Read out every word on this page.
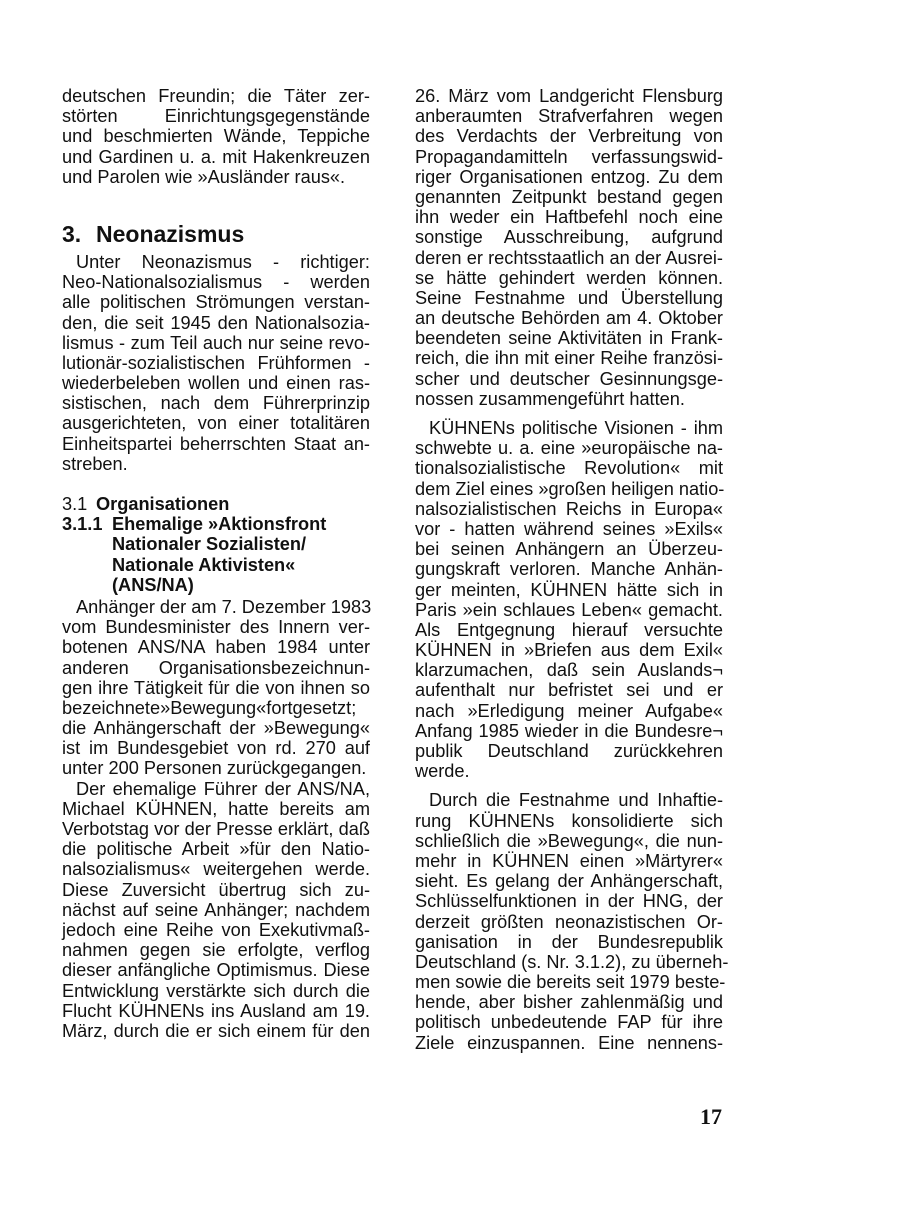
deutschen Freundin; die Täter zer-
störten Einrichtungsgegenstände
und beschmierten Wände, Teppiche
und Gardinen u. a. mit Hakenkreuzen
und Parolen wie »Ausländer raus«.
3. Neonazismus
Unter Neonazismus - richtiger:
Neo-Nationalsozialismus - werden
alle politischen Strömungen verstan-
den, die seit 1945 den Nationalsozia-
lismus - zum Teil auch nur seine revo-
lutionär-sozialistischen Frühformen -
wiederbeleben wollen und einen ras-
sistischen, nach dem Führerprinzip
ausgerichteten, von einer totalitären
Einheitspartei beherrschten Staat an-
streben.
3.1 Organisationen
3.1.1 Ehemalige »Aktionsfront
Nationaler Sozialisten/
Nationale Aktivisten«
(ANS/NA)
Anhänger der am 7. Dezember 1983
vom Bundesminister des Innern ver-
botenen ANS/NA haben 1984 unter
anderen Organisationsbezeichnun-
gen ihre Tätigkeit für die von ihnen so
bezeichnete»Bewegung«fortgesetzt;
die Anhängerschaft der »Bewegung«
ist im Bundesgebiet von rd. 270 auf
unter 200 Personen zurückgegangen.
Der ehemalige Führer der ANS/NA,
Michael KÜHNEN, hatte bereits am
Verbotstag vor der Presse erklärt, daß
die politische Arbeit »für den Natio-
nalsozialismus« weitergehen werde.
Diese Zuversicht übertrug sich zu-
nächst auf seine Anhänger; nachdem
jedoch eine Reihe von Exekutivmaß-
nahmen gegen sie erfolgte, verflog
dieser anfängliche Optimismus. Diese
Entwicklung verstärkte sich durch die
Flucht KÜHNENs ins Ausland am 19.
März, durch die er sich einem für den
26. März vom Landgericht Flensburg
anberaumten Strafverfahren wegen
des Verdachts der Verbreitung von
Propagandamitteln verfassungswid-
riger Organisationen entzog. Zu dem
genannten Zeitpunkt bestand gegen
ihn weder ein Haftbefehl noch eine
sonstige Ausschreibung, aufgrund
deren er rechtsstaatlich an der Ausrei-
se hätte gehindert werden können.
Seine Festnahme und Überstellung
an deutsche Behörden am 4. Oktober
beendeten seine Aktivitäten in Frank-
reich, die ihn mit einer Reihe französi-
scher und deutscher Gesinnungsge-
nossen zusammengeführt hatten.
KÜHNENs politische Visionen - ihm
schwebte u. a. eine »europäische na-
tionalsozialistische Revolution« mit
dem Ziel eines »großen heiligen natio-
nalsozialistischen Reichs in Europa«
vor - hatten während seines »Exils«
bei seinen Anhängern an Überzeu-
gungskraft verloren. Manche Anhän-
ger meinten, KÜHNEN hätte sich in
Paris »ein schlaues Leben« gemacht.
Als Entgegnung hierauf versuchte
KÜHNEN in »Briefen aus dem Exil«
klarzumachen, daß sein Auslands¬
aufenthalt nur befristet sei und er
nach »Erledigung meiner Aufgabe«
Anfang 1985 wieder in die Bundesre¬
publik Deutschland zurückkehren
werde.
Durch die Festnahme und Inhaftie-
rung KÜHNENs konsolidierte sich
schließlich die »Bewegung«, die nun-
mehr in KÜHNEN einen »Märtyrer«
sieht. Es gelang der Anhängerschaft,
Schlüsselfunktionen in der HNG, der
derzeit größten neonazistischen Or-
ganisation in der Bundesrepublik
Deutschland (s. Nr. 3.1.2), zu überneh-
men sowie die bereits seit 1979 beste-
hende, aber bisher zahlenmäßig und
politisch unbedeutende FAP für ihre
Ziele einzuspannen. Eine nennens-
17
